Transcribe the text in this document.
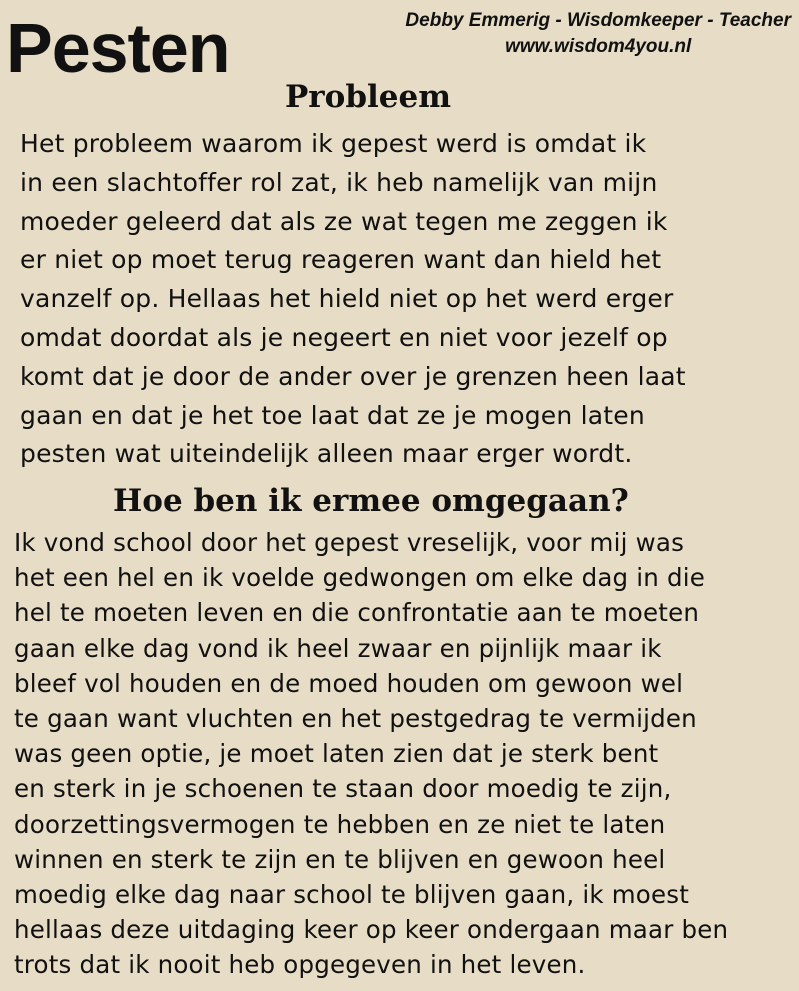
Pesten	Debby Emmerig - Wisdomkeeper - Teacher
www.wisdom4you.nl
Probleem
Het probleem waarom ik gepest werd is omdat ik
in een slachtoffer rol zat, ik heb namelijk van mijn
moeder geleerd dat als ze wat tegen me zeggen ik
er niet op moet terug reageren want dan hield het
vanzelf op. Hellaas het hield niet op het werd erger
omdat doordat als je negeert en niet voor jezelf op
komt dat je door de ander over je grenzen heen laat
gaan en dat je het toe laat dat ze je mogen laten
pesten wat uiteindelijk alleen maar erger wordt.
Hoe ben ik ermee omgegaan?
Ik vond school door het gepest vreselijk, voor mij was
het een hel en ik voelde gedwongen om elke dag in die
hel te moeten leven en die confrontatie aan te moeten
gaan elke dag vond ik heel zwaar en pijnlijk maar ik
bleef vol houden en de moed houden om gewoon wel
te gaan want vluchten en het pestgedrag te vermijden
was geen optie, je moet laten zien dat je sterk bent
en sterk in je schoenen te staan door moedig te zijn,
doorzettingsvermogen te hebben en ze niet te laten
winnen en sterk te zijn en te blijven en gewoon heel
moedig elke dag naar school te blijven gaan, ik moest
hellaas deze uitdaging keer op keer ondergaan maar ben
trots dat ik nooit heb opgegeven in het leven.
